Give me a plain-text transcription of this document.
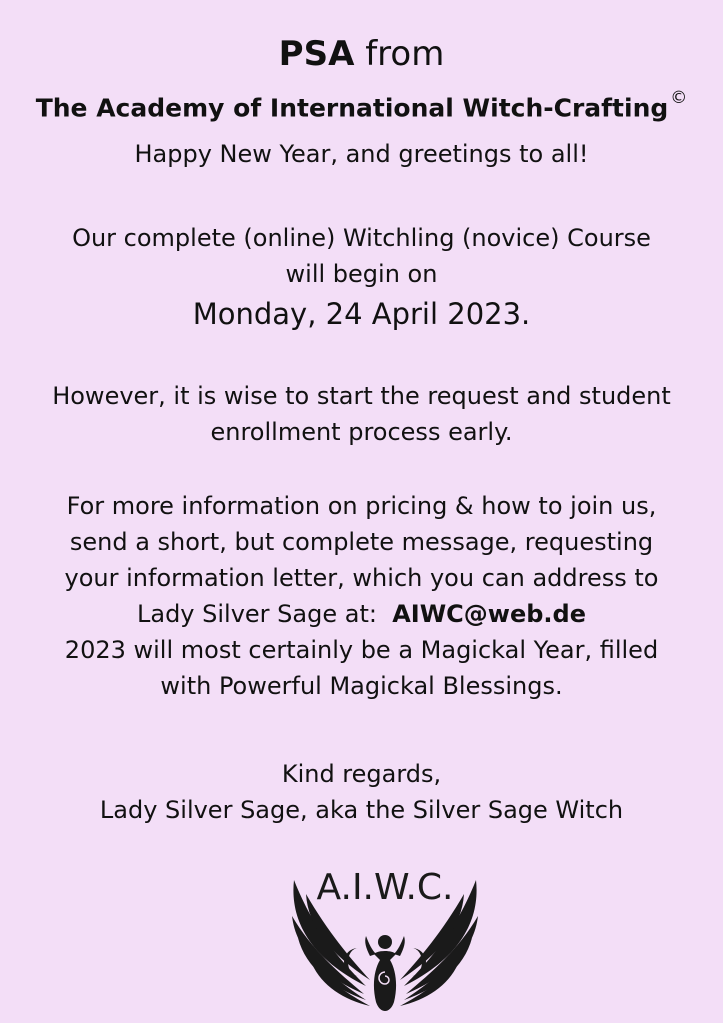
PSA from
The Academy of International Witch-Crafting ©
Happy New Year, and greetings to all!
Our complete (online) Witchling (novice) Course
will begin on
Monday, 24 April 2023.
However, it is wise to start the request and student
enrollment process early.
For more information on pricing & how to join us,
send a short, but complete message, requesting
your information letter, which you can address to
Lady Silver Sage at: AIWC@web.de
2023 will most certainly be a Magickal Year, filled
with Powerful Magickal Blessings.
Kind regards,
Lady Silver Sage, aka the Silver Sage Witch
A.I.W.C.
